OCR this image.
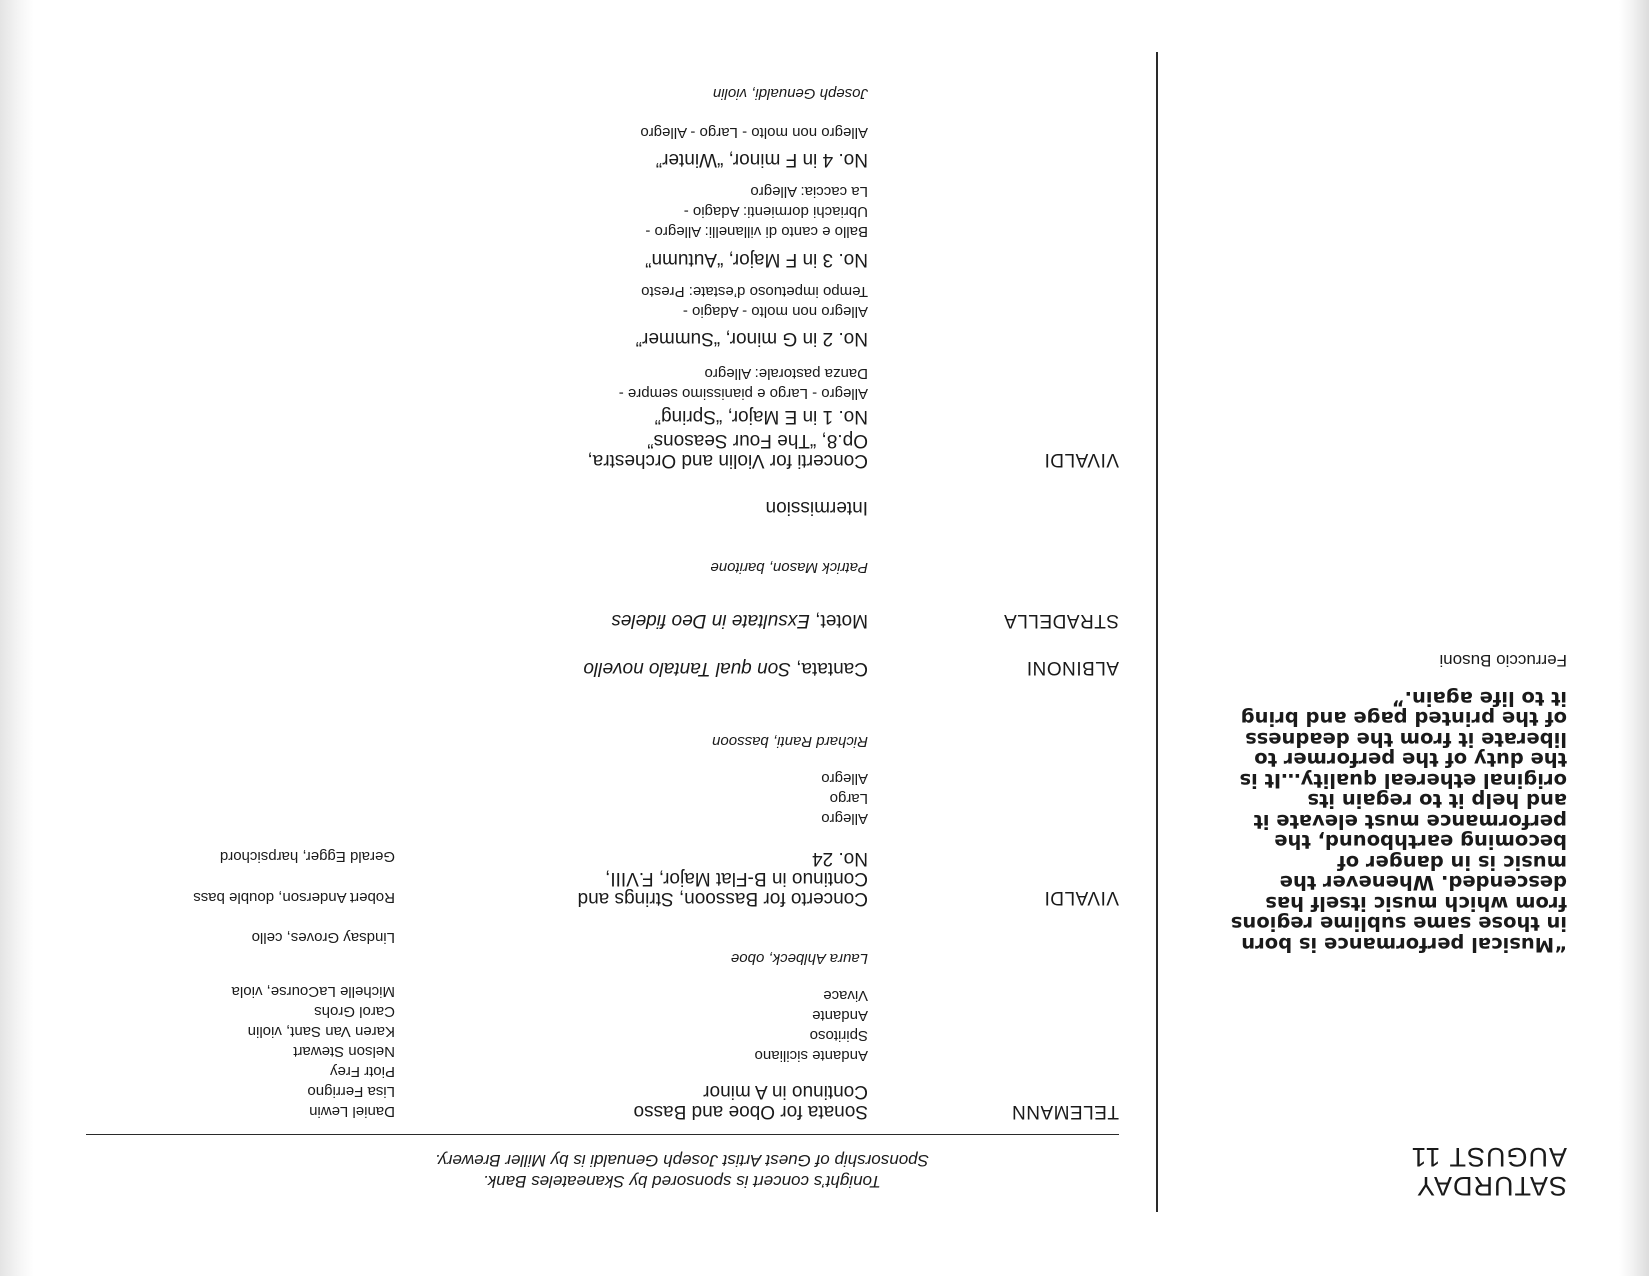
SATURDAY
AUGUST 11
“Musical performance is born in those same sublime regions from which music itself has descended. Whenever the music is in danger of becoming earthbound, the performance must elevate it and help it to regain its original ethereal quality…It is the duty of the performer to liberate it from the deadness of the printed page and bring it to life again.”
Ferruccio Busoni
Tonight’s concert is sponsored by Skaneateles Bank.
Sponsorship of Guest Artist Joseph Genualdi is by Miller Brewery.
TELEMANN
Sonata for Oboe and Basso
Continuo in A minor
Andante siciliano
Spiritoso
Andante
Vivace
Laura Ahlbeck, oboe
Daniel Lewin
Lisa Ferrigno
Piotr Frey
Nelson Stewart
Karen Van Sant, violin
Carol Grohs
Michelle LaCourse, viola
Lindsay Groves, cello
Robert Anderson, double bass
Gerald Egger, harpsichord
VIVALDI
Concerto for Bassoon, Strings and
Continuo in B-Flat Major, F.VIII,
No. 24
Allegro
Largo
Allegro
Richard Ranti, bassoon
ALBINONI
Cantata, Son qual Tantalo novello
STRADELLA
Motet, Exsultate in Deo fideles
Patrick Mason, baritone
Intermission
VIVALDI
Concerti for Violin and Orchestra,
Op.8, “The Four Seasons”
No. 1 in E Major, “Spring”
Allegro - Largo e pianissimo sempre -
Danza pastorale: Allegro
No. 2 in G minor, “Summer”
Allegro non molto - Adagio -
Tempo impetuoso d’estate: Presto
No. 3 in F Major, “Autumn”
Ballo e canto di villanelli: Allegro -
Ubriachi dormienti: Adagio -
La caccia: Allegro
No. 4 in F minor, “Winter”
Allegro non molto - Largo - Allegro
Joseph Genualdi, violin
